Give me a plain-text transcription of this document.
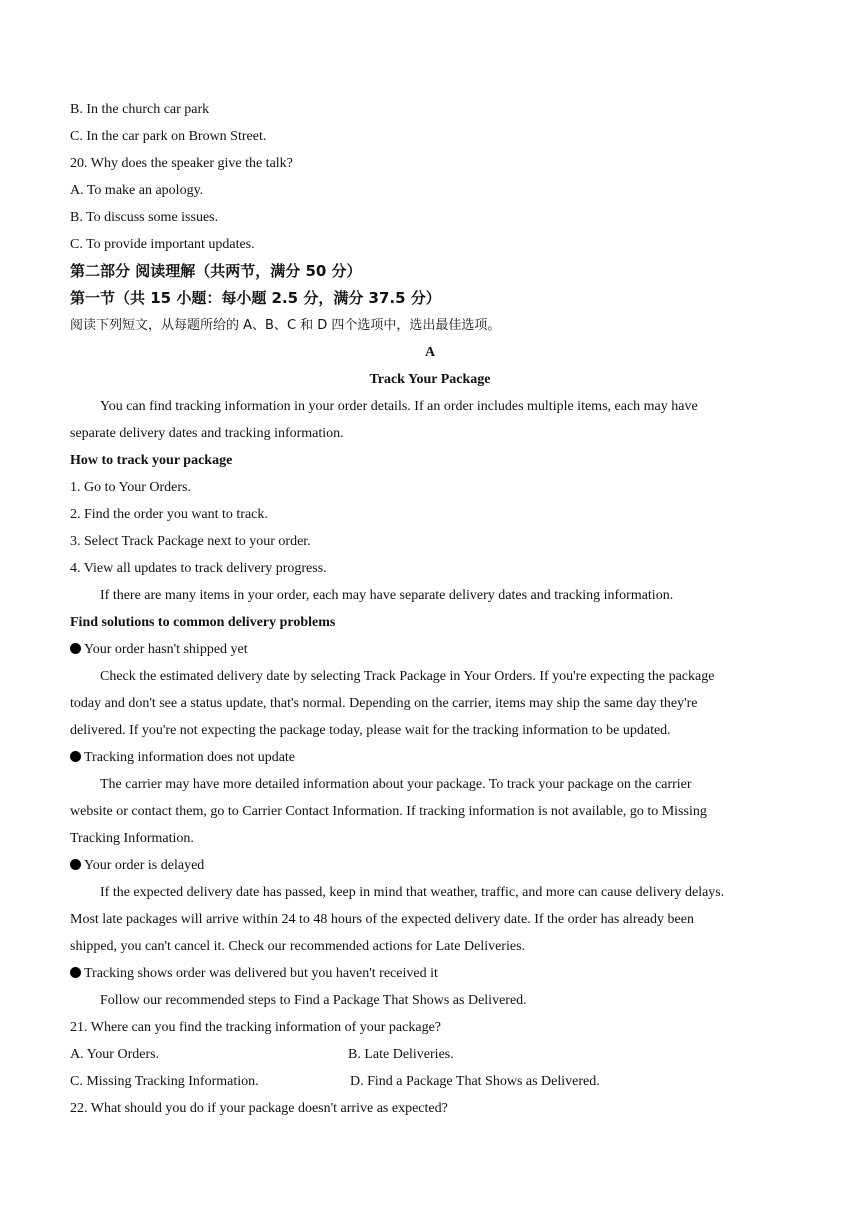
B. In the church car park
C. In the car park on Brown Street.
20. Why does the speaker give the talk?
A. To make an apology.
B. To discuss some issues.
C. To provide important updates.
第二部分 阅读理解（共两节，满分 50 分）
第一节（共 15 小题：每小题 2.5 分，满分 37.5 分）
阅读下列短文，从每题所给的 A、B、C 和 D 四个选项中，选出最佳选项。
A
Track Your Package
You can find tracking information in your order details. If an order includes multiple items, each may have
separate delivery dates and tracking information.
How to track your package
1. Go to Your Orders.
2. Find the order you want to track.
3. Select Track Package next to your order.
4. View all updates to track delivery progress.
If there are many items in your order, each may have separate delivery dates and tracking information.
Find solutions to common delivery problems
Your order hasn't shipped yet
Check the estimated delivery date by selecting Track Package in Your Orders. If you're expecting the package
today and don't see a status update, that's normal. Depending on the carrier, items may ship the same day they're
delivered. If you're not expecting the package today, please wait for the tracking information to be updated.
Tracking information does not update
The carrier may have more detailed information about your package. To track your package on the carrier
website or contact them, go to Carrier Contact Information. If tracking information is not available, go to Missing
Tracking Information.
Your order is delayed
If the expected delivery date has passed, keep in mind that weather, traffic, and more can cause delivery delays.
Most late packages will arrive within 24 to 48 hours of the expected delivery date. If the order has already been
shipped, you can't cancel it. Check our recommended actions for Late Deliveries.
Tracking shows order was delivered but you haven't received it
Follow our recommended steps to Find a Package That Shows as Delivered.
21. Where can you find the tracking information of your package?
A. Your Orders.	B. Late Deliveries.
C. Missing Tracking Information.	D. Find a Package That Shows as Delivered.
22. What should you do if your package doesn't arrive as expected?
